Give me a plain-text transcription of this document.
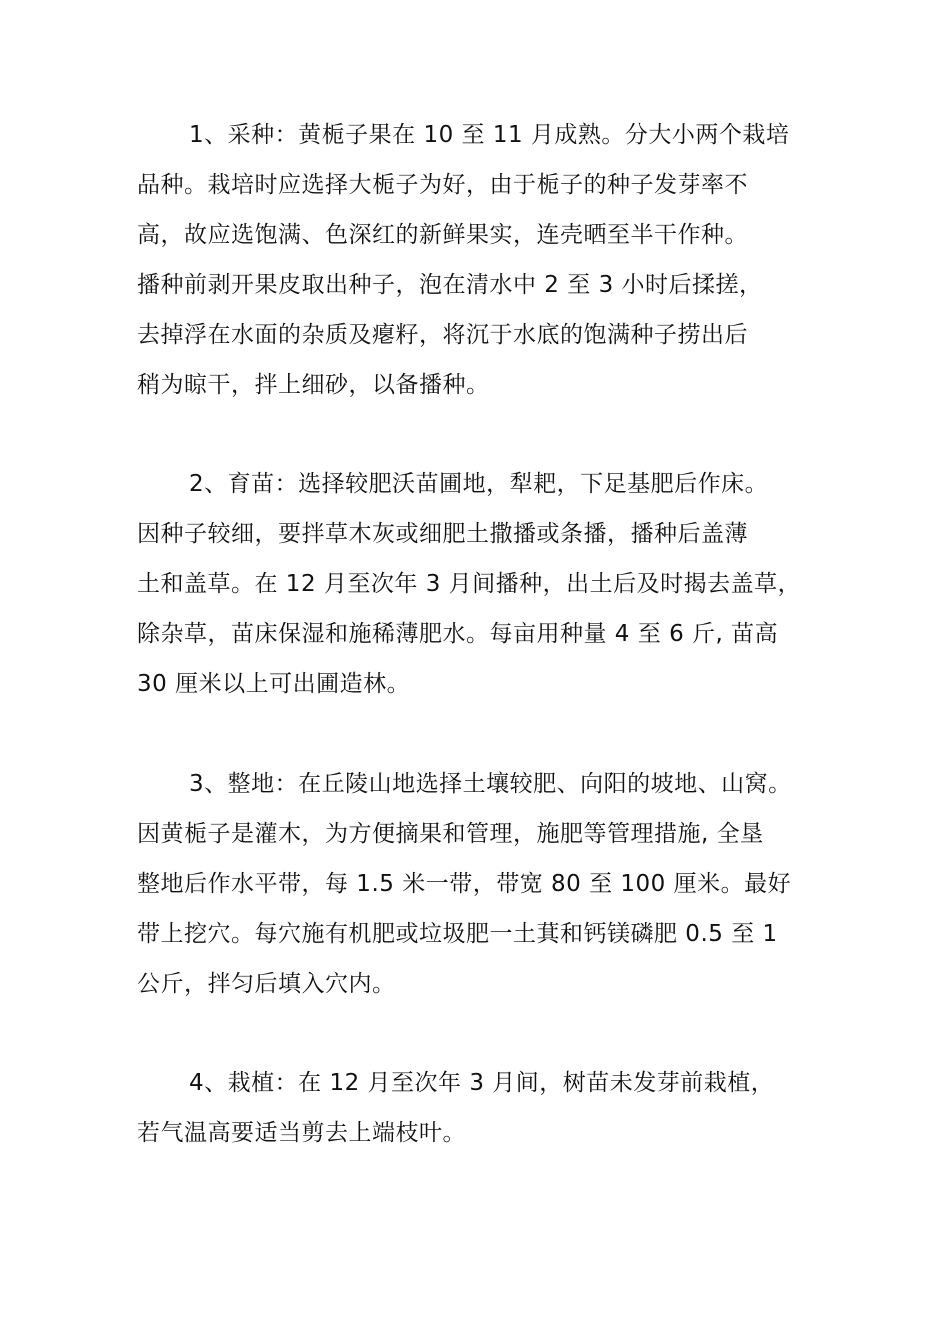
1、采种：黄栀子果在 10 至 11 月成熟。分大小两个栽培
品种。栽培时应选择大栀子为好，由于栀子的种子发芽率不
高，故应选饱满、色深红的新鲜果实，连壳晒至半干作种。
播种前剥开果皮取出种子，泡在清水中 2 至 3 小时后揉搓，
去掉浮在水面的杂质及瘪籽，将沉于水底的饱满种子捞出后
稍为晾干，拌上细砂，以备播种。

2、育苗：选择较肥沃苗圃地，犁耙，下足基肥后作床。
因种子较细，要拌草木灰或细肥土撒播或条播，播种后盖薄
土和盖草。在 12 月至次年 3 月间播种，出土后及时揭去盖草，
除杂草，苗床保湿和施稀薄肥水。每亩用种量 4 至 6 斤, 苗高
30 厘米以上可出圃造林。

3、整地：在丘陵山地选择土壤较肥、向阳的坡地、山窝。
因黄栀子是灌木，为方便摘果和管理，施肥等管理措施, 全垦
整地后作水平带，每 1.5 米一带，带宽 80 至 100 厘米。最好
带上挖穴。每穴施有机肥或垃圾肥一土萁和钙镁磷肥 0.5 至 1
公斤，拌匀后填入穴内。

4、栽植：在 12 月至次年 3 月间，树苗未发芽前栽植，
若气温高要适当剪去上端枝叶。
